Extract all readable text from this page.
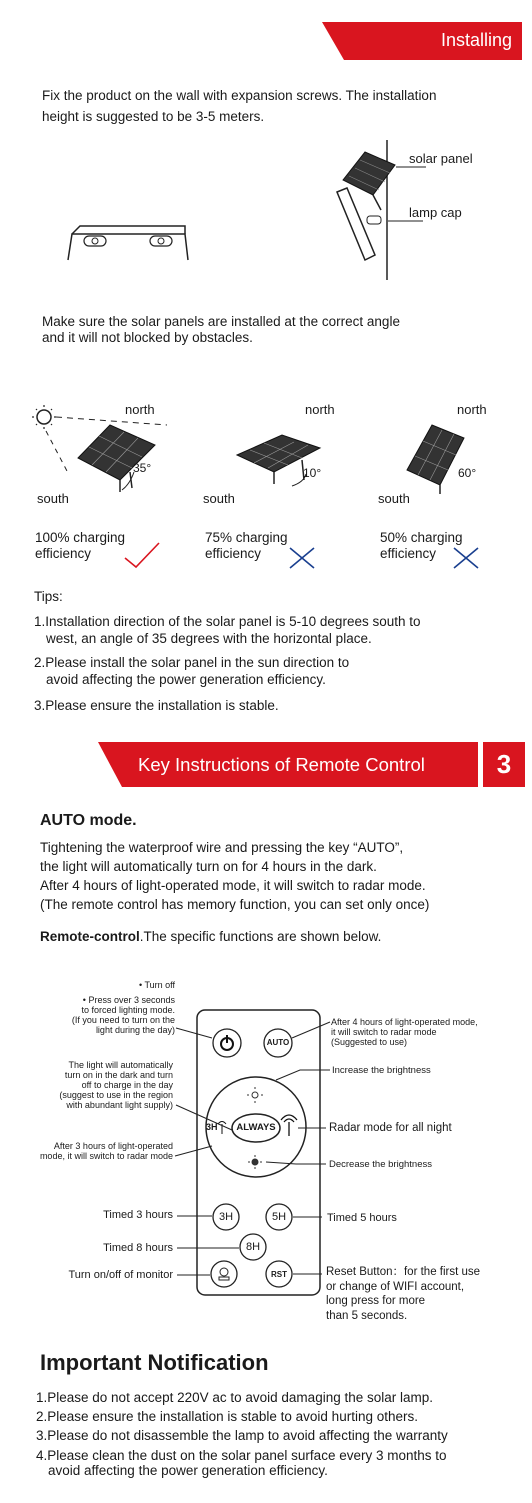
Installing
Fix the product on the wall with expansion screws. The installation
height is suggested to be 3-5 meters.
solar panel
lamp cap
Make sure the solar panels are installed at the correct angle
and it will not blocked by obstacles.
north	north	north
35°	10°	60°
south	south	south
100% charging
efficiency
75% charging
efficiency
50% charging
efficiency
Tips:
1.Installation direction of the solar panel is 5-10 degrees south to
west, an angle of 35 degrees with the horizontal place.
2.Please install the solar panel in the sun direction to
avoid affecting the power generation efficiency.
3.Please ensure the installation is stable.
Key Instructions of Remote Control	3
AUTO mode.
Tightening the waterproof wire and pressing the key “AUTO”,
the light will automatically turn on for 4 hours in the dark.
After 4 hours of light-operated mode, it will switch to radar mode.
(The remote control has memory function, you can set only once)
Remote-control.The specific functions are shown below.
AUTO
ALWAYS
3H
3H	5H
8H
RST
• Turn off
• Press over 3 seconds
to forced lighting mode.
(If you need to turn on the
light during the day)
The light will automatically
turn on in the dark and turn
off to charge in the day
(suggest to use in the region
with abundant light supply)
After 3 hours of light-operated
mode, it will switch to radar mode
Timed 3 hours
Timed 8 hours
Turn on/off of monitor
After 4 hours of light-operated mode,
it will switch to radar mode
(Suggested to use)
Increase the brightness
Radar mode for all night
Decrease the brightness
Timed 5 hours
Reset Button：for the first use
or change of WIFI account,
long press for more
than 5 seconds.
Important Notification
1.Please do not accept 220V ac to avoid damaging the solar lamp.
2.Please ensure the installation is stable to avoid hurting others.
3.Please do not disassemble the lamp to avoid affecting the warranty
4.Please clean the dust on the solar panel surface every 3 months to
avoid affecting the power generation efficiency.
